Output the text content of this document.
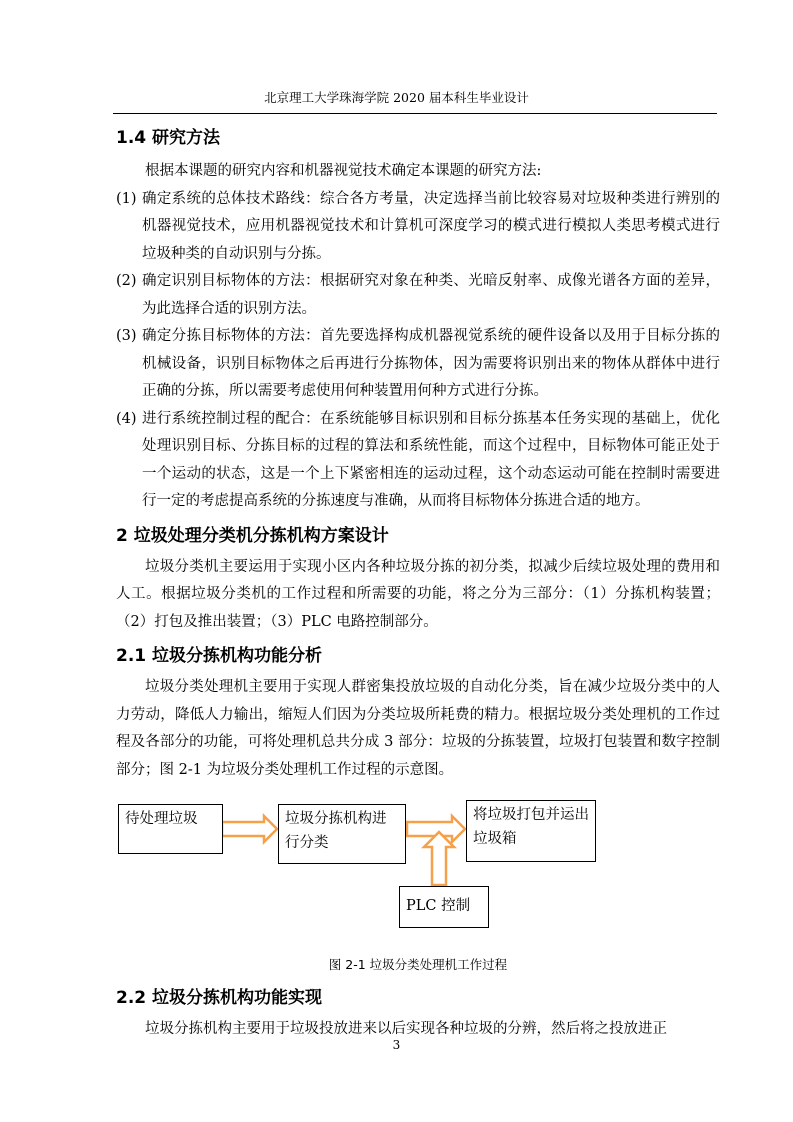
北京理工大学珠海学院 2020 届本科生毕业设计
1.4 研究方法

根据本课题的研究内容和机器视觉技术确定本课题的研究方法:

(1) 确定系统的总体技术路线：综合各方考量，决定选择当前比较容易对垃圾种类进行辨别的机器视觉技术，应用机器视觉技术和计算机可深度学习的模式进行模拟人类思考模式进行垃圾种类的自动识别与分拣。
(2) 确定识别目标物体的方法：根据研究对象在种类、光暗反射率、成像光谱各方面的差异，为此选择合适的识别方法。
(3) 确定分拣目标物体的方法：首先要选择构成机器视觉系统的硬件设备以及用于目标分拣的机械设备，识别目标物体之后再进行分拣物体，因为需要将识别出来的物体从群体中进行正确的分拣，所以需要考虑使用何种装置用何种方式进行分拣。
(4) 进行系统控制过程的配合：在系统能够目标识别和目标分拣基本任务实现的基础上，优化处理识别目标、分拣目标的过程的算法和系统性能，而这个过程中，目标物体可能正处于一个运动的状态，这是一个上下紧密相连的运动过程，这个动态运动可能在控制时需要进行一定的考虑提高系统的分拣速度与准确，从而将目标物体分拣进合适的地方。
2 垃圾处理分类机分拣机构方案设计

垃圾分类机主要运用于实现小区内各种垃圾分拣的初分类，拟减少后续垃圾处理的费用和人工。根据垃圾分类机的工作过程和所需要的功能，将之分为三部分：（1）分拣机构装置；（2）打包及推出装置；（3）PLC 电路控制部分。

2.1 垃圾分拣机构功能分析

垃圾分类处理机主要用于实现人群密集投放垃圾的自动化分类，旨在减少垃圾分类中的人力劳动，降低人力输出，缩短人们因为分类垃圾所耗费的精力。根据垃圾分类处理机的工作过程及各部分的功能，可将处理机总共分成 3 部分：垃圾的分拣装置，垃圾打包装置和数字控制部分；图 2-1 为垃圾分类处理机工作过程的示意图。

待处理垃圾	垃圾分拣机构进行分类
将垃圾打包并运出垃圾箱
PLC 控制
图 2-1 垃圾分类处理机工作过程
2.2 垃圾分拣机构功能实现

垃圾分拣机构主要用于垃圾投放进来以后实现各种垃圾的分辨，然后将之投放进正

3
